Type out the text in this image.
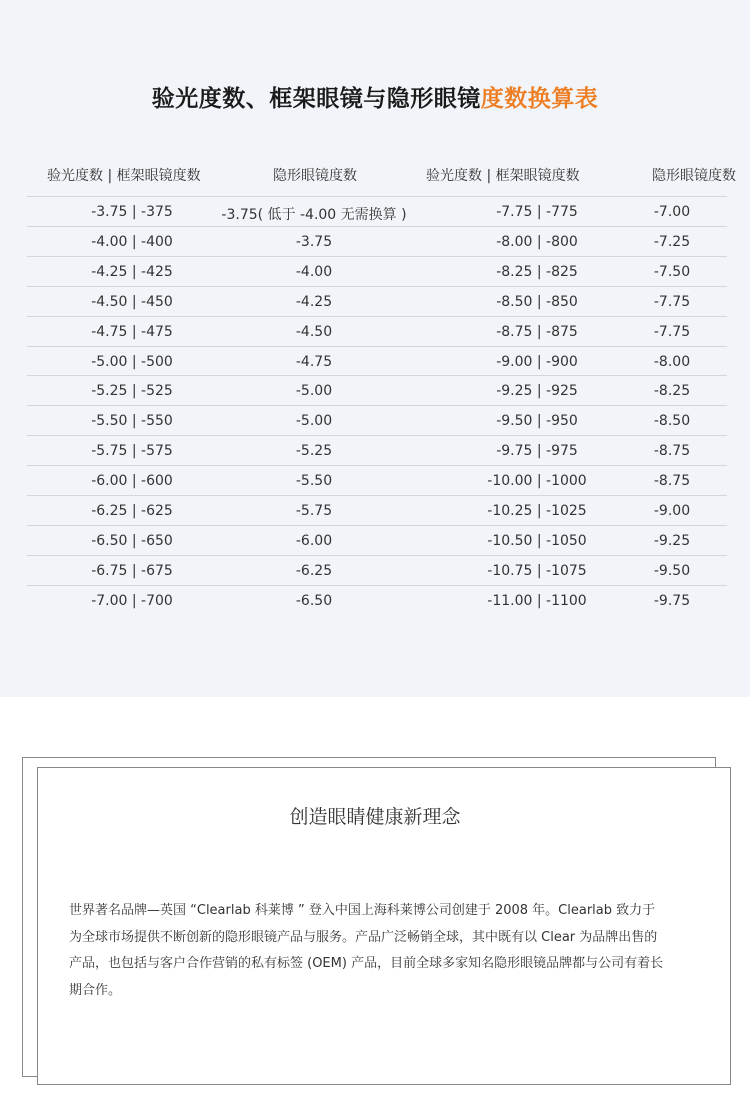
验光度数、框架眼镜与隐形眼镜度数换算表
验光度数 | 框架眼镜度数	隐形眼镜度数	验光度数 | 框架眼镜度数	隐形眼镜度数
-3.75 | -375	-3.75( 低于 -4.00 无需换算 )	-7.75 | -775	-7.00
-4.00 | -400	-3.75	-8.00 | -800	-7.25
-4.25 | -425	-4.00	-8.25 | -825	-7.50
-4.50 | -450	-4.25	-8.50 | -850	-7.75
-4.75 | -475	-4.50	-8.75 | -875	-7.75
-5.00 | -500	-4.75	-9.00 | -900	-8.00
-5.25 | -525	-5.00	-9.25 | -925	-8.25
-5.50 | -550	-5.00	-9.50 | -950	-8.50
-5.75 | -575	-5.25	-9.75 | -975	-8.75
-6.00 | -600	-5.50	-10.00 | -1000	-8.75
-6.25 | -625	-5.75	-10.25 | -1025	-9.00
-6.50 | -650	-6.00	-10.50 | -1050	-9.25
-6.75 | -675	-6.25	-10.75 | -1075	-9.50
-7.00 | -700	-6.50	-11.00 | -1100	-9.75
创造眼睛健康新理念

世界著名品牌—英国 “Clearlab 科莱博 ” 登入中国上海科莱博公司创建于 2008 年。Clearlab 致力于

为全球市场提供不断创新的隐形眼镜产品与服务。产品广泛畅销全球，其中既有以 Clear 为品牌出售的

产品，也包括与客户合作营销的私有标签 (OEM) 产品，目前全球多家知名隐形眼镜品牌都与公司有着长

期合作。
